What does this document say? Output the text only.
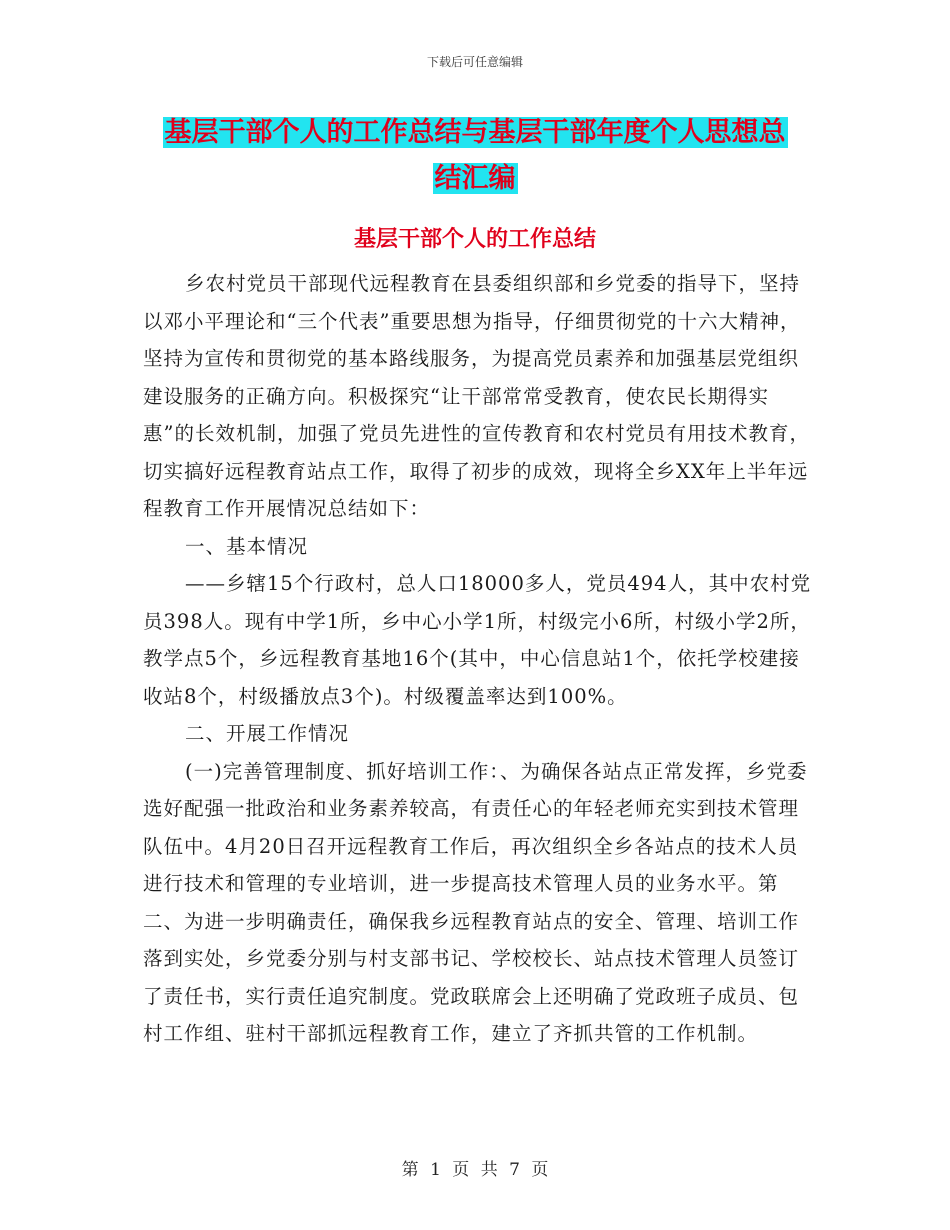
下载后可任意编辑
基层干部个人的工作总结与基层干部年度个人思想总
结汇编
基层干部个人的工作总结

乡农村党员干部现代远程教育在县委组织部和乡党委的指导下，坚持以邓小平理论和“三个代表”重要思想为指导，仔细贯彻党的十六大精神，坚持为宣传和贯彻党的基本路线服务，为提高党员素养和加强基层党组织建设服务的正确方向。积极探究“让干部常常受教育，使农民长期得实惠”的长效机制，加强了党员先进性的宣传教育和农村党员有用技术教育，切实搞好远程教育站点工作，取得了初步的成效，现将全乡XX年上半年远程教育工作开展情况总结如下：

一、基本情况

——乡辖15个行政村，总人口18000多人，党员494人，其中农村党员398人。现有中学1所，乡中心小学1所，村级完小6所，村级小学2所，教学点5个，乡远程教育基地16个(其中，中心信息站1个，依托学校建接收站8个，村级播放点3个)。村级覆盖率达到100%。

二、开展工作情况

(一)完善管理制度、抓好培训工作：、为确保各站点正常发挥，乡党委选好配强一批政治和业务素养较高，有责任心的年轻老师充实到技术管理队伍中。4月20日召开远程教育工作后，再次组织全乡各站点的技术人员进行技术和管理的专业培训，进一步提高技术管理人员的业务水平。第二、为进一步明确责任，确保我乡远程教育站点的安全、管理、培训工作落到实处，乡党委分别与村支部书记、学校校长、站点技术管理人员签订了责任书，实行责任追究制度。党政联席会上还明确了党政班子成员、包村工作组、驻村干部抓远程教育工作，建立了齐抓共管的工作机制。

第 1 页 共 7 页
